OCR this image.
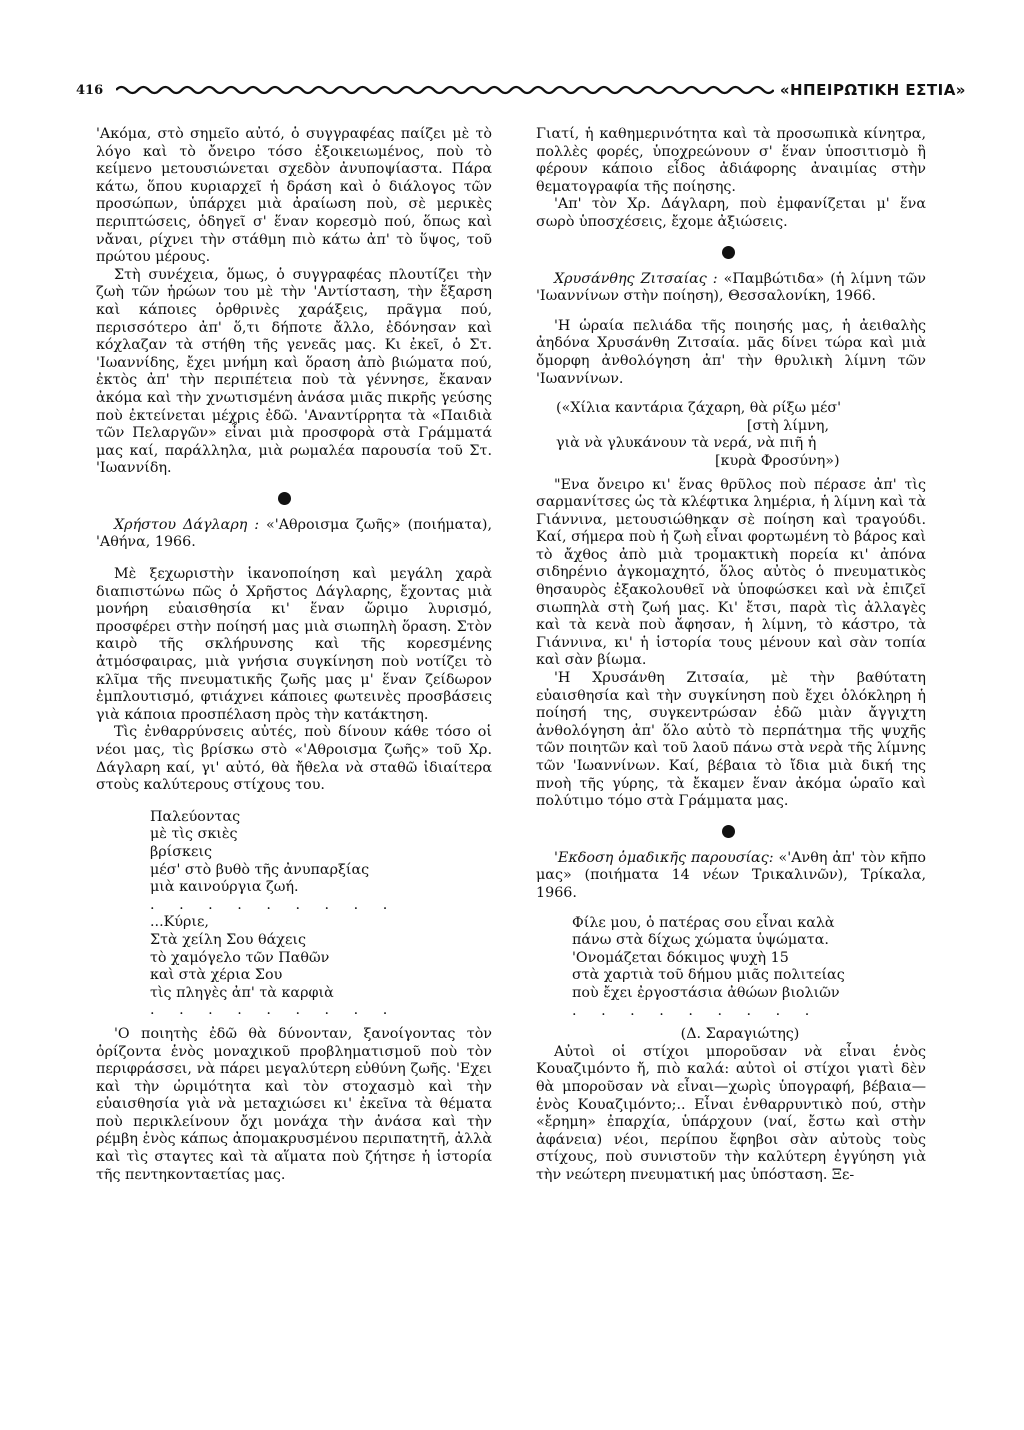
416	«ΗΠΕΙΡΩΤΙΚΗ ΕΣΤΙΑ»

'Ακόμα, στὸ σημεῖο αὐτό, ὁ συγγραφέας παίζει μὲ τὸ λόγο καὶ τὸ ὄνειρο τόσο ἐξοικειωμένος, ποὺ τὸ κείμενο μετουσιώνεται σχεδὸν ἀνυποψίαστα. Πάρα κάτω, ὅπου κυριαρχεῖ ἡ δράση καὶ ὁ διάλογος τῶν προσώπων, ὑπάρχει μιὰ ἀραίωση ποὺ, σὲ μερικὲς περιπτώσεις, ὁδηγεῖ σ' ἕναν κορεσμὸ πού, ὅπως καὶ νἄναι, ρίχνει τὴν στάθμη πιὸ κάτω ἀπ' τὸ ὕψος, τοῦ πρώτου μέρους.

Στὴ συνέχεια, ὅμως, ὁ συγγραφέας πλουτίζει τὴν ζωὴ τῶν ἡρώων του μὲ τὴν 'Αντίσταση, τὴν ἔξαρση καὶ κάποιες ὀρθρινὲς χαράξεις, πρᾶγμα πού, περισσότερο ἀπ' ὅ,τι δήποτε ἄλλο, ἐδόνησαν καὶ κόχλαζαν τὰ στήθη τῆς γενεᾶς μας. Κι ἐκεῖ, ὁ Στ. 'Ιωαννίδης, ἔχει μνήμη καὶ ὅραση ἀπὸ βιώματα πού, ἐκτὸς ἀπ' τὴν περιπέτεια ποὺ τὰ γέννησε, ἔκαναν ἀκόμα καὶ τὴν χνωτισμένη ἀνάσα μιᾶς πικρῆς γεύσης ποὺ ἐκτείνεται μέχρις ἐδῶ. 'Αναντίρρητα τὰ «Παιδιὰ τῶν Πελαργῶν» εἶναι μιὰ προσφορὰ στὰ Γράμματά μας καί, παράλληλα, μιὰ ρωμαλέα παρουσία τοῦ Στ. 'Ιωαννίδη.

Χρήστου Δάγλαρη : «'Αθροισμα ζωῆς» (ποιήματα), 'Αθήνα, 1966.

Μὲ ξεχωριστὴν ἱκανοποίηση καὶ μεγάλη χαρὰ διαπιστώνω πῶς ὁ Χρῆστος Δάγλαρης, ἔχοντας μιὰ μονήρη εὐαισθησία κι' ἕναν ὥριμο λυρισμό, προσφέρει στὴν ποίησή μας μιὰ σιωπηλὴ ὅραση. Στὸν καιρὸ τῆς σκλήρυνσης καὶ τῆς κορεσμένης ἀτμόσφαιρας, μιὰ γνήσια συγκίνηση ποὺ νοτίζει τὸ κλῖμα τῆς πνευματικῆς ζωῆς μας μ' ἕναν ζείδωρον ἐμπλουτισμό, φτιάχνει κάποιες φωτεινὲς προσβάσεις γιὰ κάποια προσπέλαση πρὸς τὴν κατάκτηση.

Τὶς ἐνθαρρύνσεις αὐτές, ποὺ δίνουν κάθε τόσο οἱ νέοι μας, τὶς βρίσκω στὸ «'Αθροισμα ζωῆς» τοῦ Χρ. Δάγλαρη καί, γι' αὐτό, θὰ ἤθελα νὰ σταθῶ ἰδιαίτερα στοὺς καλύτερους στίχους του.

Παλεύοντας
μὲ τὶς σκιὲς
βρίσκεις
μέσ' στὸ βυθὸ τῆς ἀνυπαρξίας
μιὰ καινούργια ζωή.
. . . . . . . . .
...Κύριε,
Στὰ χείλη Σου θάχεις
τὸ χαμόγελο τῶν Παθῶν
καὶ στὰ χέρια Σου
τὶς πληγὲς ἀπ' τὰ καρφιὰ
. . . . . . . . .

'Ο ποιητὴς ἐδῶ θὰ δύνονταν, ξανοίγοντας τὸν ὁρίζοντα ἑνὸς μοναχικοῦ προβληματισμοῦ ποὺ τὸν περιφράσσει, νὰ πάρει μεγαλύτερη εὐθύνη ζωῆς. 'Εχει καὶ τὴν ὡριμότητα καὶ τὸν στοχασμὸ καὶ τὴν εὐαισθησία γιὰ νὰ μεταχιώσει κι' ἐκεῖνα τὰ θέματα ποὺ περικλείνουν ὄχι μονάχα τὴν ἀνάσα καὶ τὴν ρέμβη ἑνὸς κάπως ἀπομακρυσμένου περιπατητῆ, ἀλλὰ καὶ τὶς σταγτες καὶ τὰ αἵματα ποὺ ζήτησε ἡ ἱστορία τῆς πεντηκονταετίας μας.

Γιατί, ἡ καθημερινότητα καὶ τὰ προσωπικὰ κίνητρα, πολλὲς φορές, ὑποχρεώνουν σ' ἕναν ὑποσιτισμὸ ἢ φέρουν κάποιο εἶδος ἀδιάφορης ἀναιμίας στὴν θεματογραφία τῆς ποίησης.

'Απ' τὸν Χρ. Δάγλαρη, ποὺ ἐμφανίζεται μ' ἕνα σωρὸ ὑποσχέσεις, ἔχομε ἀξιώσεις.

Χρυσάνθης Ζιτσαίας : «Παμβώτιδα» (ἡ λίμνη τῶν 'Ιωαννίνων στὴν ποίηση), Θεσσαλονίκη, 1966.

'Η ὡραία πελιάδα τῆς ποιησής μας, ἡ ἀειθαλὴς ἀηδόνα Χρυσάνθη Ζιτσαία. μᾶς δίνει τώρα καὶ μιὰ ὄμορφη ἀνθολόγηση ἀπ' τὴν θρυλικὴ λίμνη τῶν 'Ιωαννίνων.

(«Χίλια καντάρια ζάχαρη, θὰ ρίξω μέσ'
[στὴ λίμνη,
γιὰ νὰ γλυκάνουν τὰ νερά, νὰ πιῆ ἡ
[κυρὰ Φροσύνη»)

"Ενα ὄνειρο κι' ἕνας θρῦλος ποὺ πέρασε ἀπ' τὶς σαρμανίτσες ὡς τὰ κλέφτικα λημέρια, ἡ λίμνη καὶ τὰ Γιάννινα, μετουσιώθηκαν σὲ ποίηση καὶ τραγούδι. Καί, σήμερα ποὺ ἡ ζωὴ εἶναι φορτωμένη τὸ βάρος καὶ τὸ ἄχθος ἀπὸ μιὰ τρομακτικὴ πορεία κι' ἀπόνα σιδηρένιο ἀγκομαχητό, ὅλος αὐτὸς ὁ πνευματικὸς θησαυρὸς ἐξακολουθεῖ νὰ ὑποφώσκει καὶ νὰ ἐπιζεῖ σιωπηλὰ στὴ ζωή μας. Κι' ἔτσι, παρὰ τὶς ἀλλαγὲς καὶ τὰ κενὰ ποὺ ἄφησαν, ἡ λίμνη, τὸ κάστρο, τὰ Γιάννινα, κι' ἡ ἱστορία τους μένουν καὶ σὰν τοπία καὶ σὰν βίωμα.

'Η Χρυσάνθη Ζιτσαία, μὲ τὴν βαθύτατη εὐαισθησία καὶ τὴν συγκίνηση ποὺ ἔχει ὁλόκληρη ἡ ποίησή της, συγκεντρώσαν ἐδῶ μιὰν ἄγγιχτη ἀνθολόγηση ἀπ' ὅλο αὐτὸ τὸ περπάτημα τῆς ψυχῆς τῶν ποιητῶν καὶ τοῦ λαοῦ πάνω στὰ νερὰ τῆς λίμνης τῶν 'Ιωαννίνων. Καί, βέβαια τὸ ἴδια μιὰ δική της πνοὴ τῆς γύρης, τὰ ἔκαμεν ἕναν ἀκόμα ὡραῖο καὶ πολύτιμο τόμο στὰ Γράμματα μας.

'Εκδοση ὁμαδικῆς παρουσίας: «'Ανθη ἀπ' τὸν κῆπο μας» (ποιήματα 14 νέων Τρικαλινῶν), Τρίκαλα, 1966.

Φίλε μου, ὁ πατέρας σου εἶναι καλὰ
πάνω στὰ δίχως χώματα ὑψώματα.
'Ονομάζεται δόκιμος ψυχὴ 15
στὰ χαρτιὰ τοῦ δήμου μιᾶς πολιτείας
ποὺ ἔχει ἐργοστάσια ἀθώων βιολιῶν
. . . . . . . . .

(Δ. Σαραγιώτης)

Αὐτοὶ οἱ στίχοι μποροῦσαν νὰ εἶναι ἑνὸς Κουαζιμόντο ἤ, πιὸ καλά: αὐτοὶ οἱ στίχοι γιατὶ δὲν θὰ μποροῦσαν νὰ εἶναι—χωρὶς ὑπογραφή, βέβαια— ἑνὸς Κουαζιμόντο;.. Εἶναι ἐνθαρρυντικὸ πού, στὴν «ἔρημη» ἐπαρχία, ὑπάρχουν (ναί, ἔστω καὶ στὴν ἀφάνεια) νέοι, περίπου ἔφηβοι σὰν αὐτοὺς τοὺς στίχους, ποὺ συνιστοῦν τὴν καλύτερη ἐγγύηση γιὰ τὴν νεώτερη πνευματική μας ὑπόσταση. Ξε-
